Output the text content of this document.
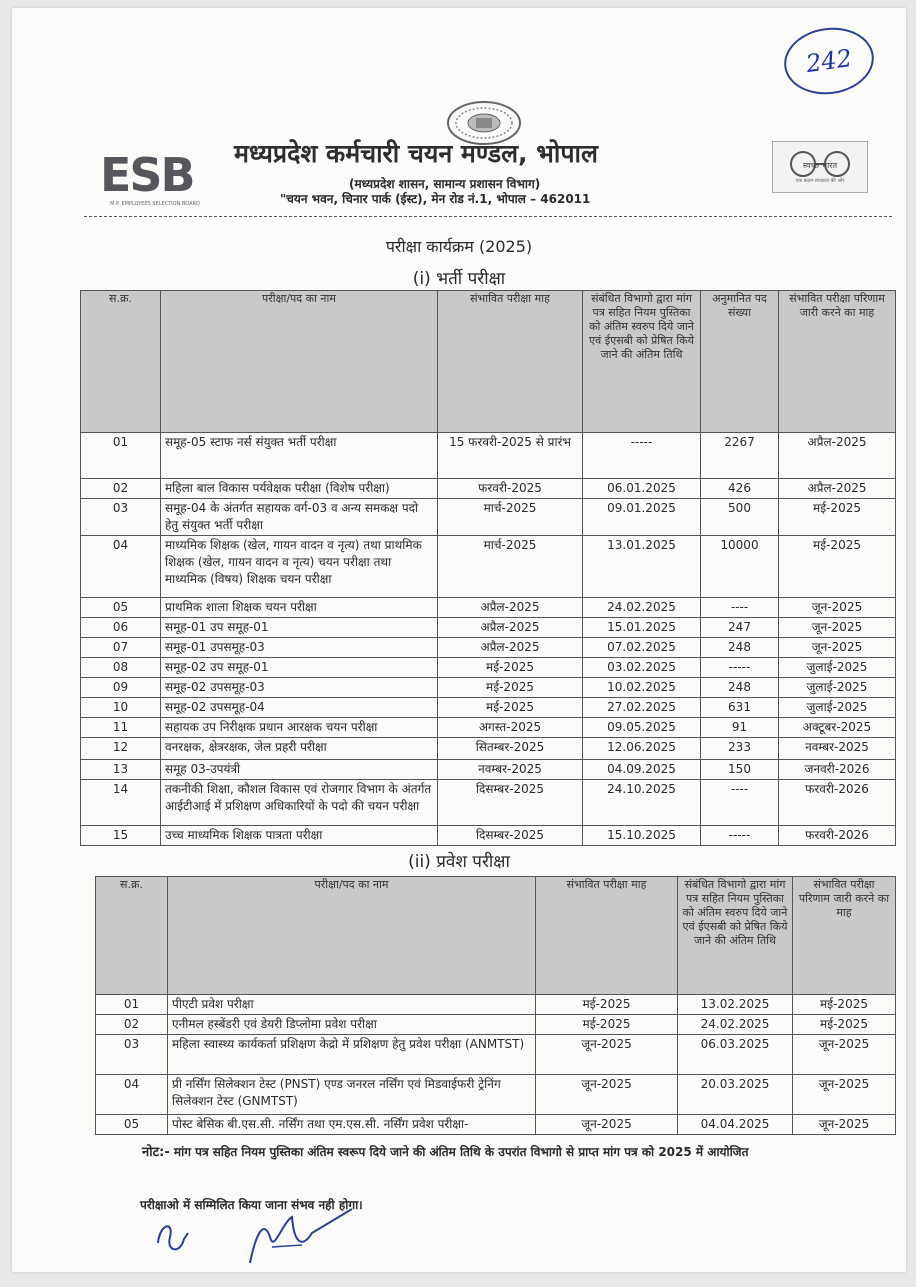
242
ESB
M.P. EMPLOYEES SELECTION BOARD
मध्यप्रदेश कर्मचारी चयन मण्डल, भोपाल
(मध्यप्रदेश शासन, सामान्य प्रशासन विभाग)
"चयन भवन, चिनार पार्क (ईस्ट), मेन रोड नं.1, भोपाल – 462011
स्वच्छ भारत
एक कदम स्वच्छता की ओर
परीक्षा कार्यक्रम (2025)
(i) भर्ती परीक्षा
स.क्र.	परीक्षा/पद का नाम	संभावित परीक्षा माह	संबंधित विभागो द्वारा मांग पत्र सहित नियम पुस्तिका को अंतिम स्वरुप दिये जाने एवं ईएसबी को प्रेषित किये जाने की अंतिम तिथि	अनुमानित पद संख्या	संभावित परीक्षा परिणाम जारी करने का माह
01	समूह-05 स्टाफ नर्स संयुक्त भर्ती परीक्षा	15 फरवरी-2025 से प्रारंभ	-----	2267	अप्रैल-2025
02	महिला बाल विकास पर्यवेक्षक परीक्षा (विशेष परीक्षा)	फरवरी-2025	06.01.2025	426	अप्रैल-2025
03	समूह-04 के अंतर्गत सहायक वर्ग-03 व अन्य समकक्ष पदो हेतु संयुक्त भर्ती परीक्षा	मार्च-2025	09.01.2025	500	मई-2025
04	माध्यमिक शिक्षक (खेल, गायन वादन व नृत्य) तथा प्राथमिक शिक्षक (खेल, गायन वादन व नृत्य) चयन परीक्षा तथा माध्यमिक (विषय) शिक्षक चयन परीक्षा	मार्च-2025	13.01.2025	10000	मई-2025
05	प्राथमिक शाला शिक्षक चयन परीक्षा	अप्रैल-2025	24.02.2025	----	जून-2025
06	समूह-01 उप समूह-01	अप्रैल-2025	15.01.2025	247	जून-2025
07	समूह-01 उपसमूह-03	अप्रैल-2025	07.02.2025	248	जून-2025
08	समूह-02 उप समूह-01	मई-2025	03.02.2025	-----	जुलाई-2025
09	समूह-02 उपसमूह-03	मई-2025	10.02.2025	248	जुलाई-2025
10	समूह-02 उपसमूह-04	मई-2025	27.02.2025	631	जुलाई-2025
11	सहायक उप निरीक्षक प्रधान आरक्षक चयन परीक्षा	अगस्त-2025	09.05.2025	91	अक्टूबर-2025
12	वनरक्षक, क्षेत्ररक्षक, जेल प्रहरी परीक्षा	सितम्बर-2025	12.06.2025	233	नवम्बर-2025
13	समूह 03-उपयंत्री	नवम्बर-2025	04.09.2025	150	जनवरी-2026
14	तकनीकी शिक्षा, कौशल विकास एवं रोजगार विभाग के अंतर्गत आईटीआई में प्रशिक्षण अधिकारियों के पदो की चयन परीक्षा	दिसम्बर-2025	24.10.2025	----	फरवरी-2026
15	उच्च माध्यमिक शिक्षक पात्रता परीक्षा	दिसम्बर-2025	15.10.2025	-----	फरवरी-2026
(ii) प्रवेश परीक्षा
स.क्र.	परीक्षा/पद का नाम	संभावित परीक्षा माह	संबंधित विभागो द्वारा मांग पत्र सहित नियम पुस्तिका को अंतिम स्वरुप दिये जाने एवं ईएसबी को प्रेषित किये जाने की अंतिम तिथि	संभावित परीक्षा परिणाम जारी करने का माह
01	पीएटी प्रवेश परीक्षा	मई-2025	13.02.2025	मई-2025
02	एनीमल हस्बेंडरी एवं डेयरी डिप्लोमा प्रवेश परीक्षा	मई-2025	24.02.2025	मई-2025
03	महिला स्वास्थ्य कार्यकर्ता प्रशिक्षण केद्रो में प्रशिक्षण हेतु प्रवेश परीक्षा (ANMTST)	जून-2025	06.03.2025	जून-2025
04	प्री नर्सिंग सिलेक्शन टेस्ट (PNST) एण्ड जनरल नर्सिंग एवं मिडवाईफरी ट्रेनिंग सिलेक्शन टेस्ट (GNMTST)	जून-2025	20.03.2025	जून-2025
05	पोस्ट बेसिक बी.एस.सी. नर्सिंग तथा एम.एस.सी. नर्सिंग प्रवेश परीक्षा-	जून-2025	04.04.2025	जून-2025
नोट:- मांग पत्र सहित नियम पुस्तिका अंतिम स्वरूप दिये जाने की अंतिम तिथि के उपरांत विभागो से प्राप्त मांग पत्र को 2025 में आयोजित
परीक्षाओ में सम्मिलित किया जाना संभव नही होगा।
